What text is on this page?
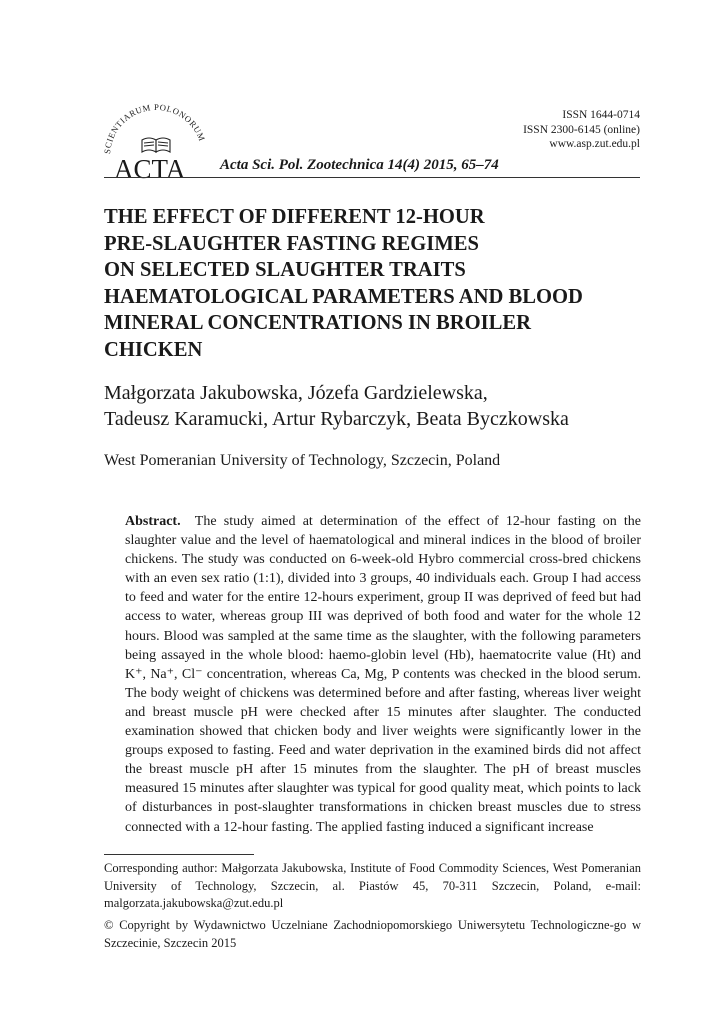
ISSN 1644-0714
ISSN 2300-6145 (online)
www.asp.zut.edu.pl
SCIENTIARUM POLONORUM
ACTA Acta Sci. Pol. Zootechnica 14(4) 2015, 65–74
THE EFFECT OF DIFFERENT 12-HOUR
PRE-SLAUGHTER FASTING REGIMES
ON SELECTED SLAUGHTER TRAITS
HAEMATOLOGICAL PARAMETERS AND BLOOD
MINERAL CONCENTRATIONS IN BROILER
CHICKEN
Małgorzata Jakubowska, Józefa Gardzielewska,
Tadeusz Karamucki, Artur Rybarczyk, Beata Byczkowska
West Pomeranian University of Technology, Szczecin, Poland
Abstract. The study aimed at determination of the effect of 12-hour fasting on the slaughter value and the level of haematological and mineral indices in the blood of broiler chickens. The study was conducted on 6-week-old Hybro commercial cross-bred chickens with an even sex ratio (1:1), divided into 3 groups, 40 individuals each. Group I had access to feed and water for the entire 12-hours experiment, group II was deprived of feed but had access to water, whereas group III was deprived of both food and water for the whole 12 hours. Blood was sampled at the same time as the slaughter, with the following parameters being assayed in the whole blood: haemo-globin level (Hb), haematocrite value (Ht) and K⁺, Na⁺, Cl⁻ concentration, whereas Ca, Mg, P contents was checked in the blood serum. The body weight of chickens was determined before and after fasting, whereas liver weight and breast muscle pH were checked after 15 minutes after slaughter. The conducted examination showed that chicken body and liver weights were significantly lower in the groups exposed to fasting. Feed and water deprivation in the examined birds did not affect the breast muscle pH after 15 minutes from the slaughter. The pH of breast muscles measured 15 minutes after slaughter was typical for good quality meat, which points to lack of disturbances in post-slaughter transformations in chicken breast muscles due to stress connected with a 12-hour fasting. The applied fasting induced a significant increase
Corresponding author: Małgorzata Jakubowska, Institute of Food Commodity Sciences, West Pomeranian University of Technology, Szczecin, al. Piastów 45, 70-311 Szczecin, Poland, e-mail: malgorzata.jakubowska@zut.edu.pl
© Copyright by Wydawnictwo Uczelniane Zachodniopomorskiego Uniwersytetu Technologiczne-go w Szczecinie, Szczecin 2015
